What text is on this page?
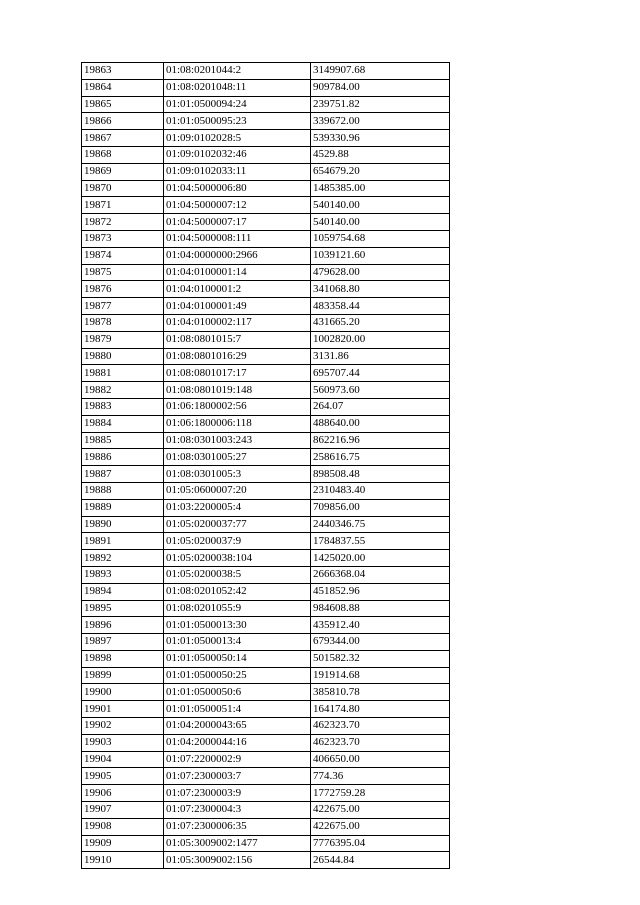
19863	01:08:0201044:2	3149907.68
19864	01:08:0201048:11	909784.00
19865	01:01:0500094:24	239751.82
19866	01:01:0500095:23	339672.00
19867	01:09:0102028:5	539330.96
19868	01:09:0102032:46	4529.88
19869	01:09:0102033:11	654679.20
19870	01:04:5000006:80	1485385.00
19871	01:04:5000007:12	540140.00
19872	01:04:5000007:17	540140.00
19873	01:04:5000008:111	1059754.68
19874	01:04:0000000:2966	1039121.60
19875	01:04:0100001:14	479628.00
19876	01:04:0100001:2	341068.80
19877	01:04:0100001:49	483358.44
19878	01:04:0100002:117	431665.20
19879	01:08:0801015:7	1002820.00
19880	01:08:0801016:29	3131.86
19881	01:08:0801017:17	695707.44
19882	01:08:0801019:148	560973.60
19883	01:06:1800002:56	264.07
19884	01:06:1800006:118	488640.00
19885	01:08:0301003:243	862216.96
19886	01:08:0301005:27	258616.75
19887	01:08:0301005:3	898508.48
19888	01:05:0600007:20	2310483.40
19889	01:03:2200005:4	709856.00
19890	01:05:0200037:77	2440346.75
19891	01:05:0200037:9	1784837.55
19892	01:05:0200038:104	1425020.00
19893	01:05:0200038:5	2666368.04
19894	01:08:0201052:42	451852.96
19895	01:08:0201055:9	984608.88
19896	01:01:0500013:30	435912.40
19897	01:01:0500013:4	679344.00
19898	01:01:0500050:14	501582.32
19899	01:01:0500050:25	191914.68
19900	01:01:0500050:6	385810.78
19901	01:01:0500051:4	164174.80
19902	01:04:2000043:65	462323.70
19903	01:04:2000044:16	462323.70
19904	01:07:2200002:9	406650.00
19905	01:07:2300003:7	774.36
19906	01:07:2300003:9	1772759.28
19907	01:07:2300004:3	422675.00
19908	01:07:2300006:35	422675.00
19909	01:05:3009002:1477	7776395.04
19910	01:05:3009002:156	26544.84
